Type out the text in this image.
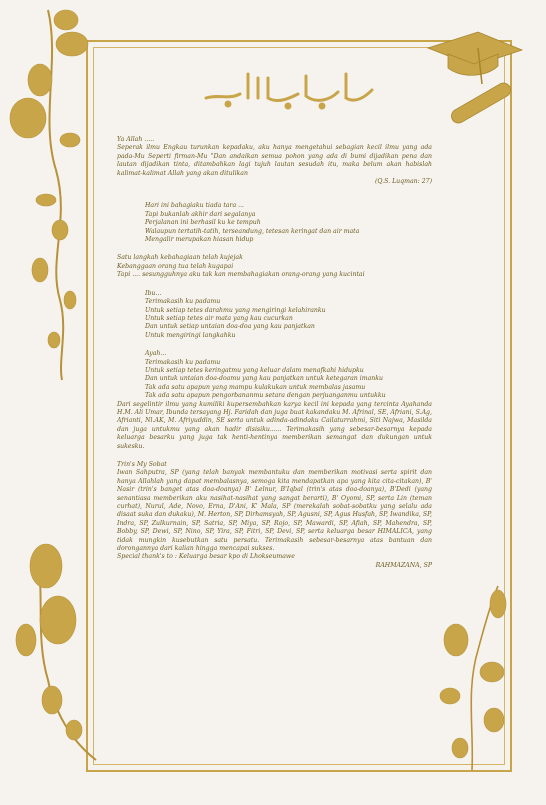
Ya Allah .....

Seperak ilmu Engkau turunkan kepadaku, aku hanya mengetahui sebagian kecil ilmu yang ada pada-Mu Seperti firman-Mu "Dan andaikan semua pohon yang ada di bumi dijadikan pena dan lautan dijadikan tinta, ditambahkan lagi tujuh lautan sesudah itu, maka belum akan habislah kalimat-kalimat Allah yang akan ditulikan

(Q.S. Luqman: 27)

Hari ini bahagiaku tiada tara ...
Tapi bukanlah akhir dari segalanya
Perjalanan ini berhasil ku ke tempuh
Walaupun tertatih-tatih, terseandung, tetesan keringat dan air mata
Mengalir merupakan hiasan hidup
Satu langkah kebahagiaan telah kujejak
Kebanggaan orang tua telah kugapai
Tapi .... sesungguhnya aku tak kan membahagiakan orang-orang yang kucintai
Ibu...
Terimakasih ku padamu
Untuk setiap tetes darahmu yang mengiringi kelahiranku
Untuk setiap tetes air mata yang kau cucurkan
Dan untuk setiap untaian doa-doa yang kau panjatkan
Untuk mengiringi langkahku
Ayah...
Terimakasih ku padamu
Untuk setiap tetes keringatmu yang keluar dalam menafkahi hidupku
Dan untuk untaian doa-doamu yang kau panjatkan untuk ketegaran imanku
Tak ada satu apapun yang mampu kulakukan untuk membalas jasamu
Tak ada satu apapun pengorbananmu setara dengan perjuanganmu untukku

Dari segelintir ilmu yang kumiliki kupersembahkan karya kecil ini kepada yang tercinta Ayahanda H.M. Ali Umar, Ibunda tersayang Hj. Faridah dan juga buat kakandaku M. Afrinal, SE, Afriani, S.Ag, Afrianti, Nl.AK, M. Afriyuddin, SE serta untuk adinda-adindaku Cailaturrahmi, Siti Najwa, Masilda dan juga untukmu yang akan hadir disisiku...... Terimakasih yang sebesar-besarnya kepada keluarga besarku yang juga tak henti-hentinya memberikan semangat dan dukungan untuk sukesku.

Trin's My Sobat
Iwan Sahputra, SP (yang telah banyak membantuku dan memberikan motivasi serta spirit dan hanya Allahlah yang dapat membalasnya, semoga kita mendapatkan apa yang kita cita-citakan), B' Nasir (trin's banget atas doa-doanya) B' Lelnur, B'Iqbal (trin's atas doa-doanya), B'Dedi (yang senantiasa memberikan aku nasihat-nasihat yang sangat berarti), B' Oyomi, SP, serta Lin (teman curhat), Nurul, Ade, Novo, Erna, D'Ani, K' Mala, SP (merekalah sobat-sobatku yang selalu ada disaat suka dan dukaku), M. Herton, SP, Dirhamsyah, SP, Agusni, SP, Agus Husfah, SP, Iwandika, SP, Indra, SP, Zulkurnain, SP, Satria, SP, Miya, SP, Rojo, SP, Mawardi, SP, Afiah, SP, Mahendra, SP, Bobby, SP, Dewi, SP, Nino, SP, Yira, SP, Fitri, SP, Devi, SP, serta keluarga besar HIMALICA, yang tidak mungkin kusebutkan satu persatu. Terimakasih sebesar-besarnya atas bantuan dan dorongannya dari kalian hingga mencapai sukses.

Special thank's to : Keluarga besar kpo di Lhokseumawe

RAHMAZANA, SP
